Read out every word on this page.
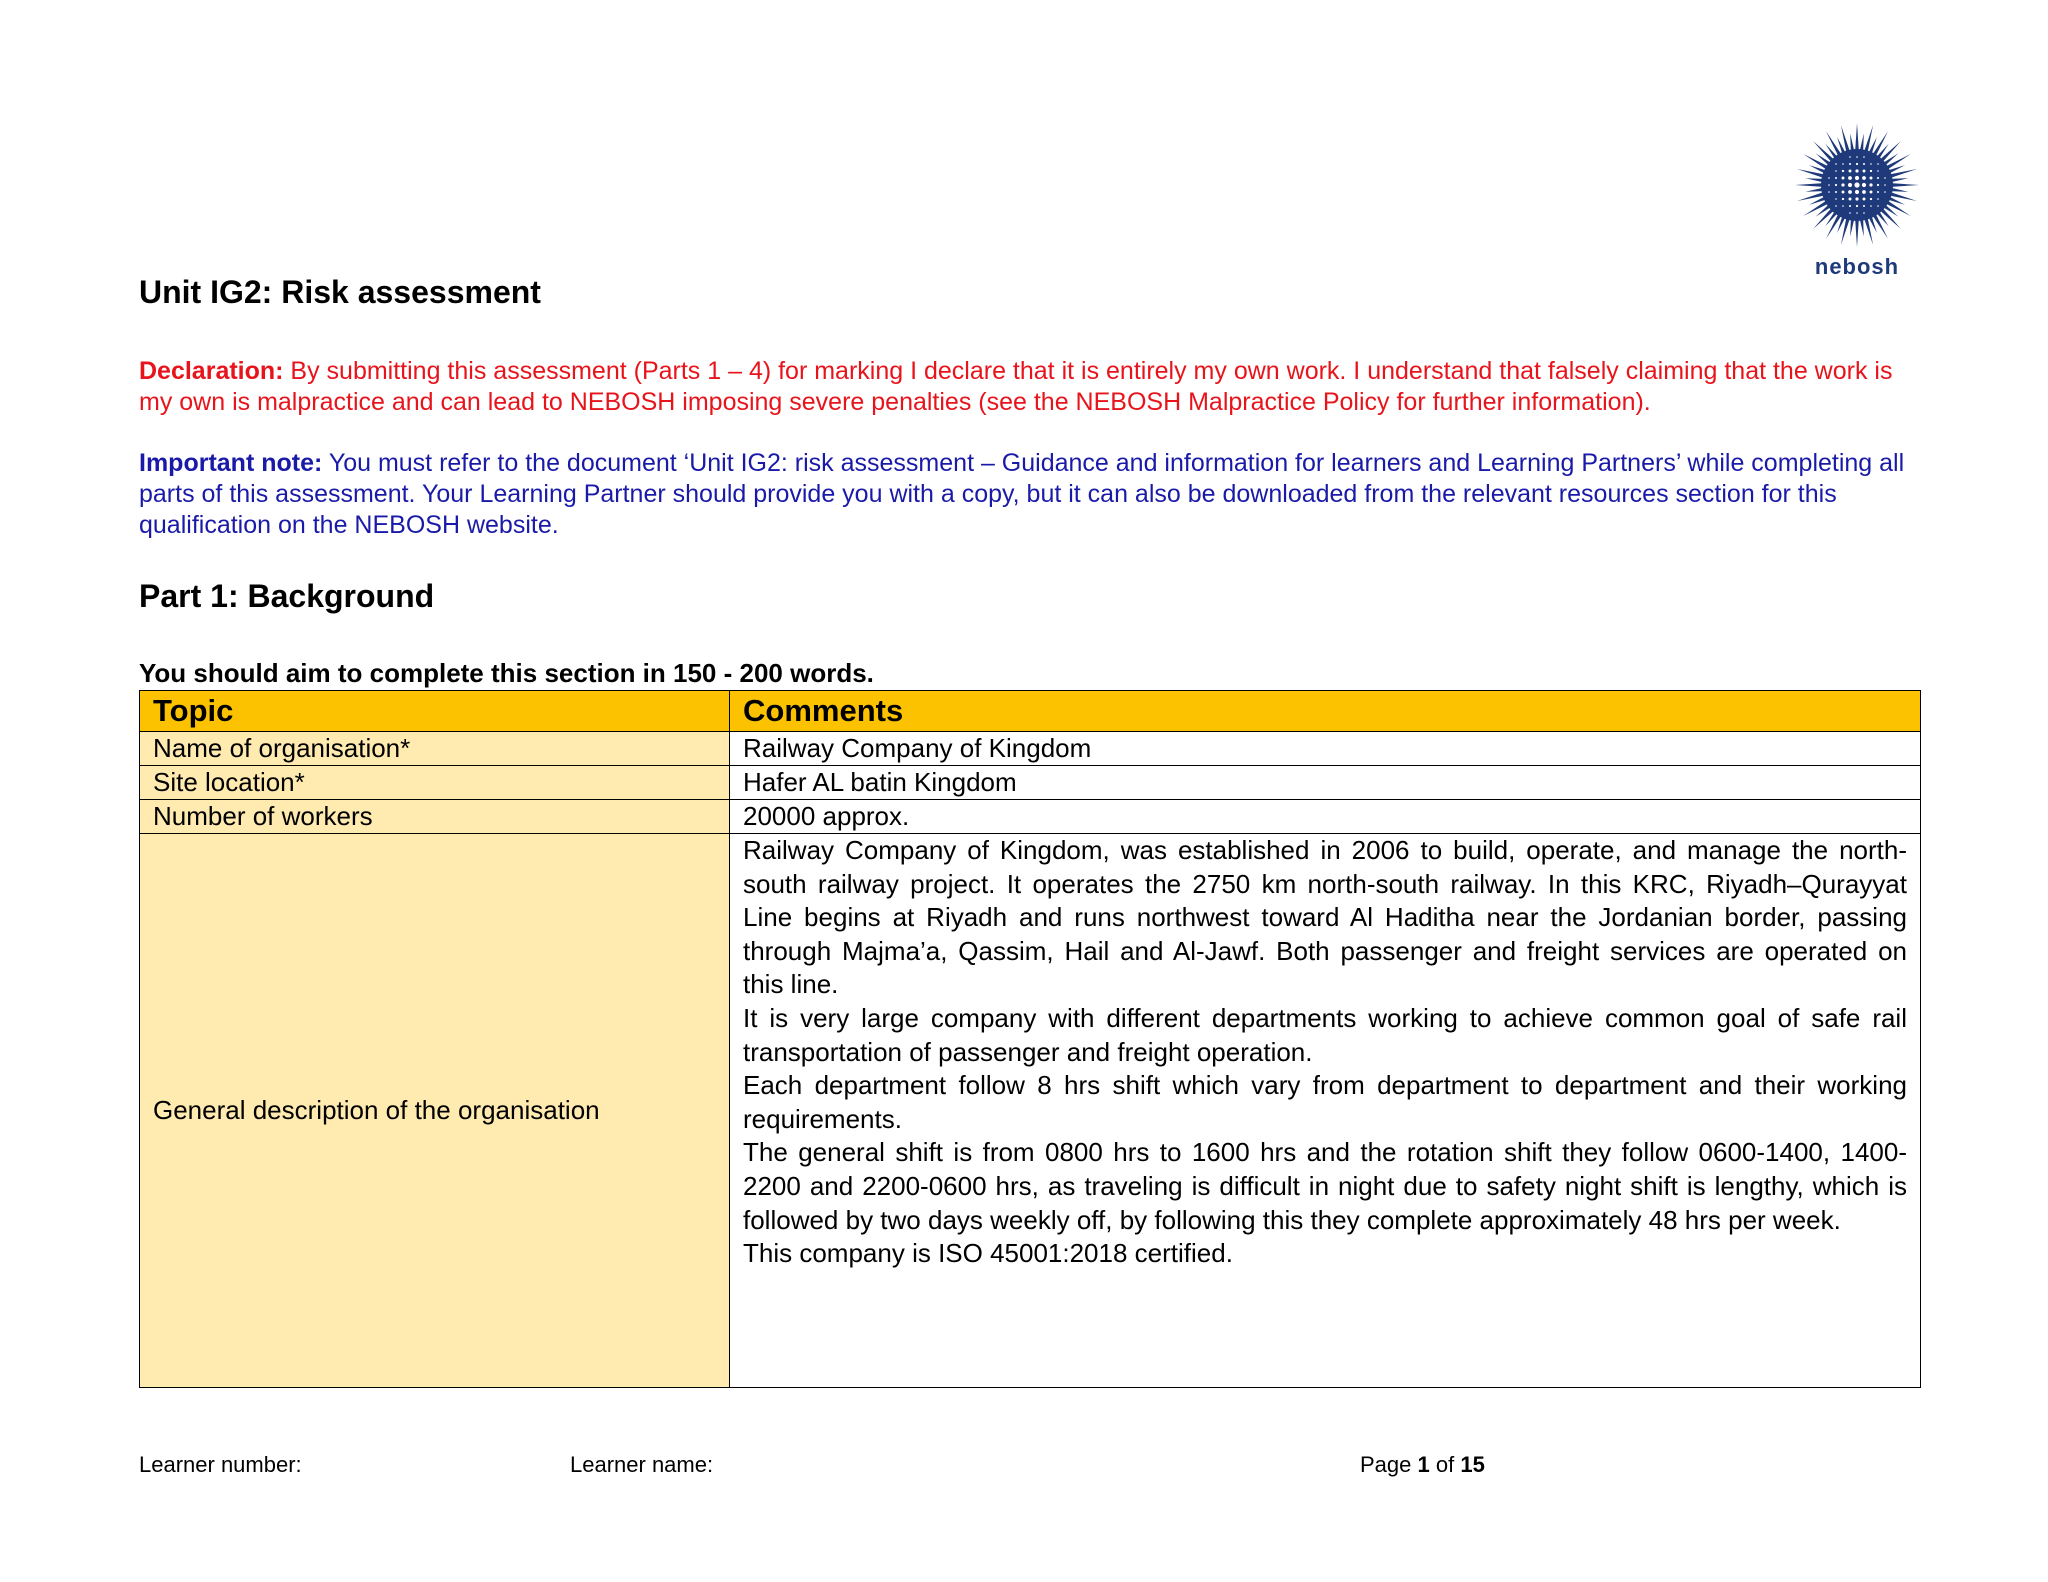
nebosh
Unit IG2: Risk assessment

Declaration: By submitting this assessment (Parts 1 – 4) for marking I declare that it is entirely my own work. I understand that falsely claiming that the work is my own is malpractice and can lead to NEBOSH imposing severe penalties (see the NEBOSH Malpractice Policy for further information).

Important note: You must refer to the document ‘Unit IG2: risk assessment – Guidance and information for learners and Learning Partners’ while completing all parts of this assessment. Your Learning Partner should provide you with a copy, but it can also be downloaded from the relevant resources section for this qualification on the NEBOSH website.

Part 1: Background

You should aim to complete this section in 150 - 200 words.

Topic	Comments
Name of organisation*	Railway Company of Kingdom
Site location*	Hafer AL batin Kingdom
Number of workers	20000 approx.
General description of the organisation	Railway Company of Kingdom, was established in 2006 to build, operate, and manage the north-south railway project. It operates the 2750 km north-south railway. In this KRC, Riyadh–Qurayyat Line begins at Riyadh and runs northwest toward Al Haditha near the Jordanian border, passing through Majma’a, Qassim, Hail and Al-Jawf. Both passenger and freight services are operated on this line.
It is very large company with different departments working to achieve common goal of safe rail transportation of passenger and freight operation.
Each department follow 8 hrs shift which vary from department to department and their working requirements.
The general shift is from 0800 hrs to 1600 hrs and the rotation shift they follow 0600-1400, 1400-2200 and 2200-0600 hrs, as traveling is difficult in night due to safety night shift is lengthy, which is followed by two days weekly off, by following this they complete approximately 48 hrs per week.
This company is ISO 45001:2018 certified.
Learner number:	Learner name:	Page 1 of 15
